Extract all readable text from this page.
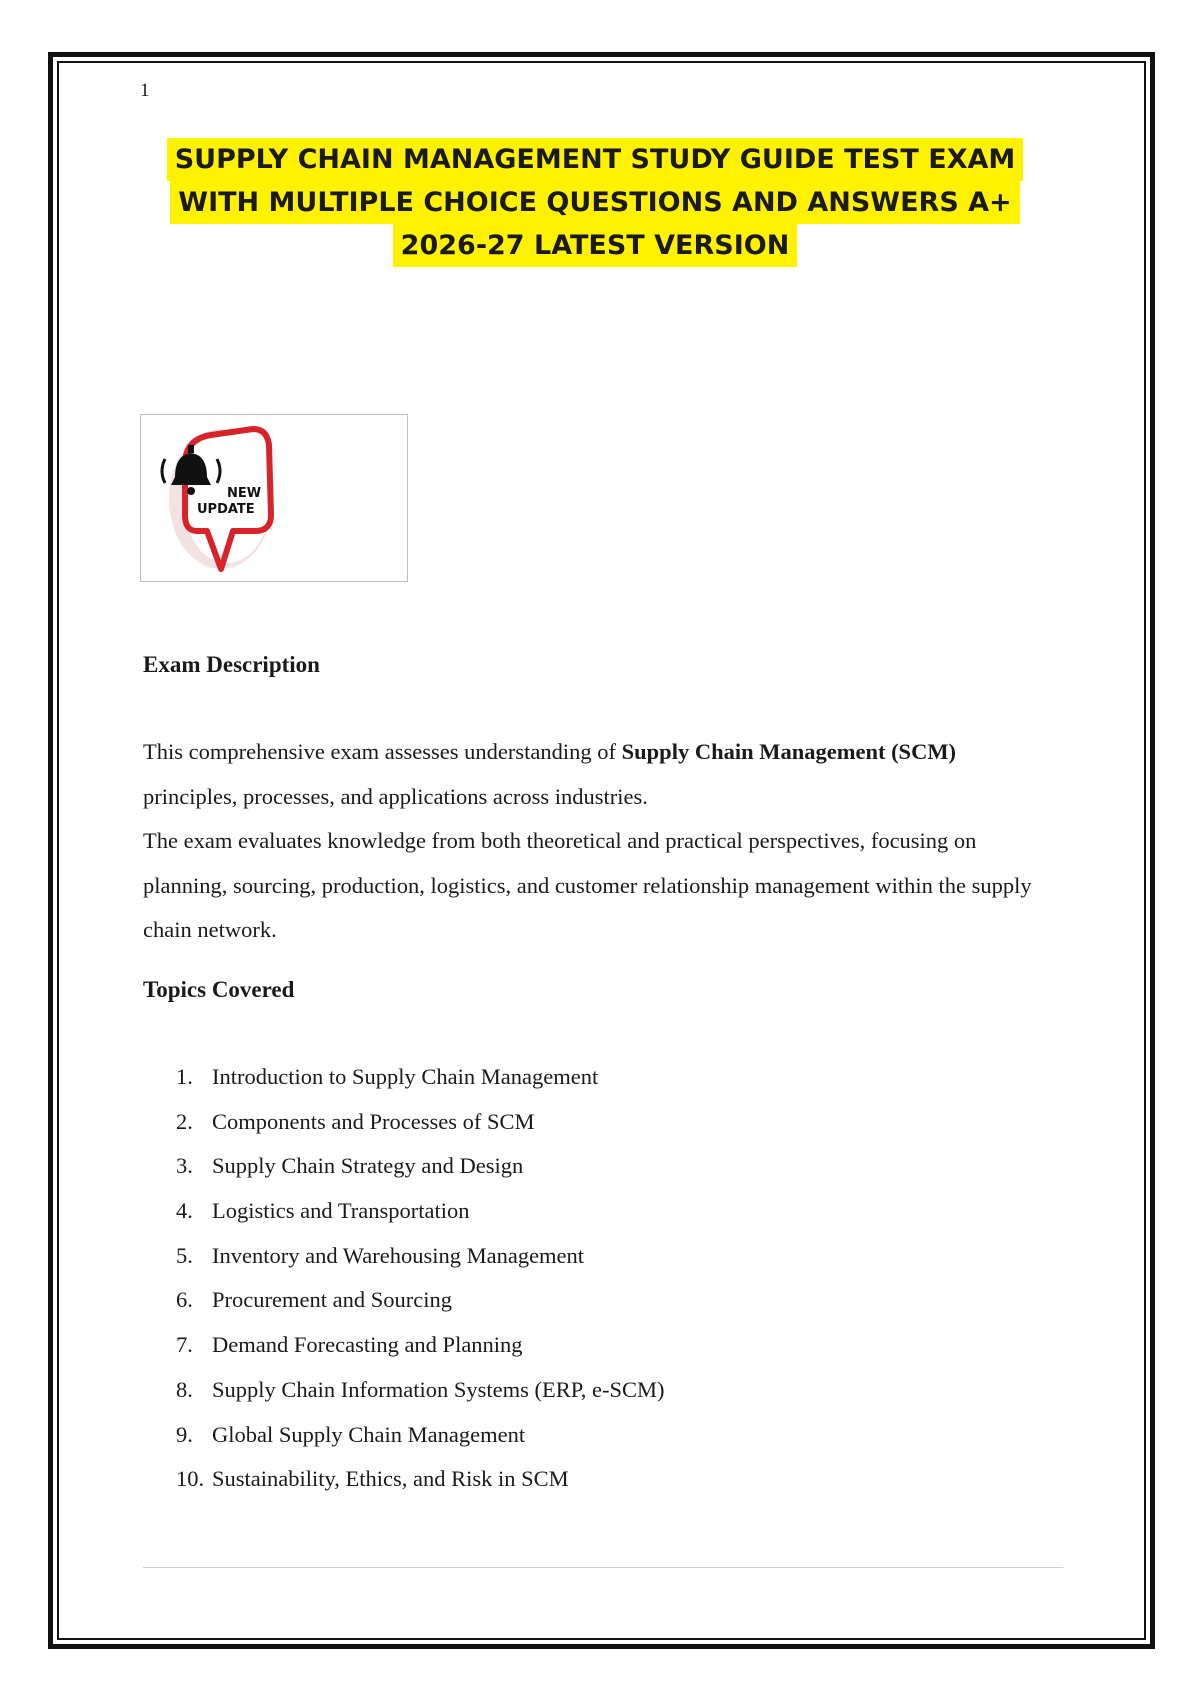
1
SUPPLY CHAIN MANAGEMENT STUDY GUIDE TEST EXAM
WITH MULTIPLE CHOICE QUESTIONS AND ANSWERS A+
2026-27 LATEST VERSION
NEW
UPDATE
Exam Description

This comprehensive exam assesses understanding of Supply Chain Management (SCM)
principles, processes, and applications across industries.

The exam evaluates knowledge from both theoretical and practical perspectives, focusing on planning, sourcing, production, logistics, and customer relationship management within the supply chain network.

Topics Covered
1. Introduction to Supply Chain Management
2. Components and Processes of SCM
3. Supply Chain Strategy and Design
4. Logistics and Transportation
5. Inventory and Warehousing Management
6. Procurement and Sourcing
7. Demand Forecasting and Planning
8. Supply Chain Information Systems (ERP, e-SCM)
9. Global Supply Chain Management
10. Sustainability, Ethics, and Risk in SCM
